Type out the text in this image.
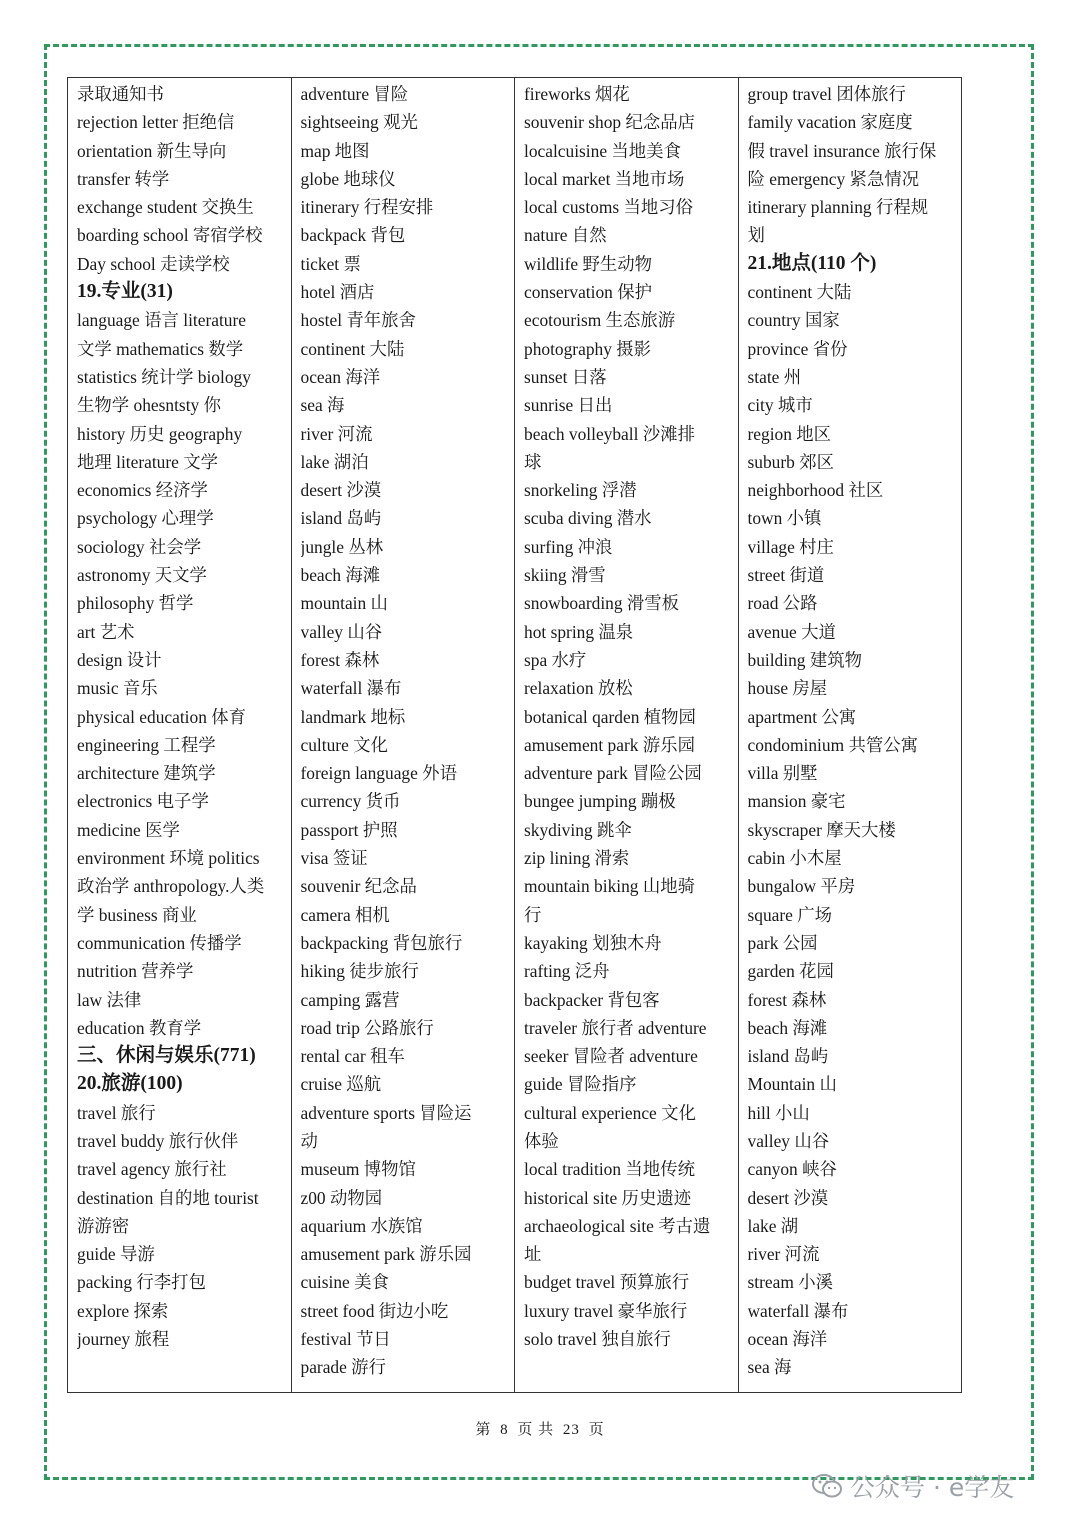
录取通知书
rejection letter 拒绝信
orientation 新生导向
transfer 转学
exchange student 交换生
boarding school 寄宿学校
Day school 走读学校
19.专业(31)
language 语言 literature
文学 mathematics 数学
statistics 统计学 biology
生物学 ohesntsty 你
history 历史 geography
地理 literature 文学
economics 经济学
psychology 心理学
sociology 社会学
astronomy 天文学
philosophy 哲学
art 艺术
design 设计
music 音乐
physical education 体育
engineering 工程学
architecture 建筑学
electronics 电子学
medicine 医学
environment 环境 politics
政治学 anthropology.人类
学 business 商业
communication 传播学
nutrition 营养学
law 法律
education 教育学
三、休闲与娱乐(771)
20.旅游(100)
travel 旅行
travel buddy 旅行伙伴
travel agency 旅行社
destination 自的地 tourist
游游密
guide 导游
packing 行李打包
explore 探索
journey 旅程
adventure 冒险
sightseeing 观光
map 地图
globe 地球仪
itinerary 行程安排
backpack 背包
ticket 票
hotel 酒店
hostel 青年旅舍
continent 大陆
ocean 海洋
sea 海
river 河流
lake 湖泊
desert 沙漠
island 岛屿
jungle 丛林
beach 海滩
mountain 山
valley 山谷
forest 森林
waterfall 瀑布
landmark 地标
culture 文化
foreign language 外语
currency 货币
passport 护照
visa 签证
souvenir 纪念品
camera 相机
backpacking 背包旅行
hiking 徒步旅行
camping 露营
road trip 公路旅行
rental car 租车
cruise 巡航
adventure sports 冒险运
动
museum 博物馆
z00 动物园
aquarium 水族馆
amusement park 游乐园
cuisine 美食
street food 街边小吃
festival 节日
parade 游行
fireworks 烟花
souvenir shop 纪念品店
localcuisine 当地美食
local market 当地市场
local customs 当地习俗
nature 自然
wildlife 野生动物
conservation 保护
ecotourism 生态旅游
photography 摄影
sunset 日落
sunrise 日出
beach volleyball 沙滩排
球
snorkeling 浮潜
scuba diving 潜水
surfing 冲浪
skiing 滑雪
snowboarding 滑雪板
hot spring 温泉
spa 水疗
relaxation 放松
botanical qarden 植物园
amusement park 游乐园
adventure park 冒险公园
bungee jumping 蹦极
skydiving 跳伞
zip lining 滑索
mountain biking 山地骑
行
kayaking 划独木舟
rafting 泛舟
backpacker 背包客
traveler 旅行者 adventure
seeker 冒险者 adventure
guide 冒险指序
cultural experience 文化
体验
local tradition 当地传统
historical site 历史遗迹
archaeological site 考古遗
址
budget travel 预算旅行
luxury travel 豪华旅行
solo travel 独自旅行
group travel 团体旅行
family vacation 家庭度
假 travel insurance 旅行保
险 emergency 紧急情况
itinerary planning 行程规
划
21.地点(110 个)
continent 大陆
country 国家
province 省份
state 州
city 城市
region 地区
suburb 郊区
neighborhood 社区
town 小镇
village 村庄
street 街道
road 公路
avenue 大道
building 建筑物
house 房屋
apartment 公寓
condominium 共管公寓
villa 别墅
mansion 豪宅
skyscraper 摩天大楼
cabin 小木屋
bungalow 平房
square 广场
park 公园
garden 花园
forest 森林
beach 海滩
island 岛屿
Mountain 山
hill 小山
valley 山谷
canyon 峡谷
desert 沙漠
lake 湖
river 河流
stream 小溪
waterfall 瀑布
ocean 海洋
sea 海
第 8 页 共 23 页
公众号 · e学友
